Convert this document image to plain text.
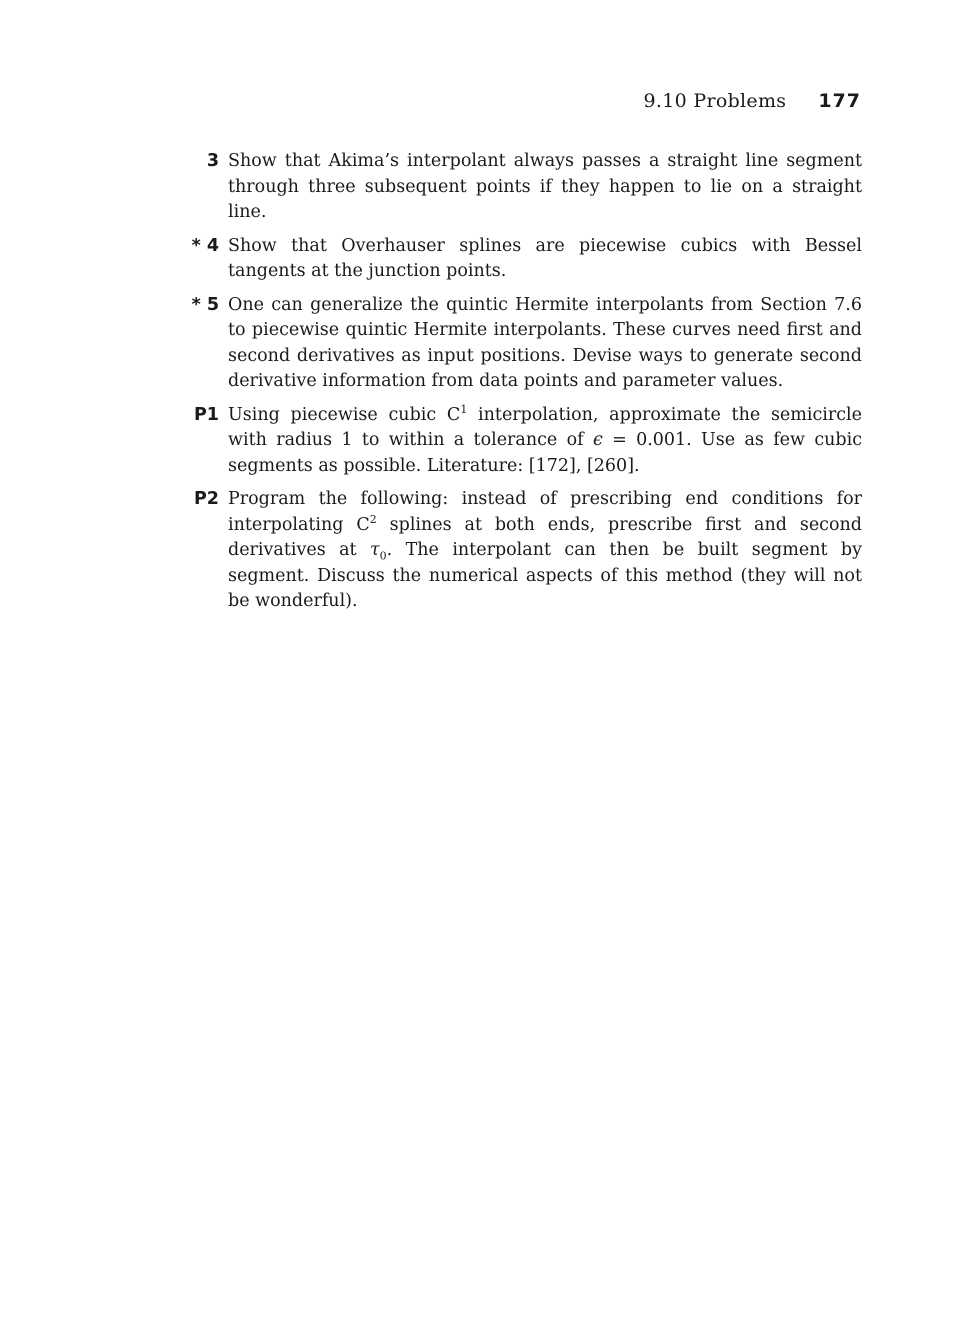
9.10 Problems 177
3 Show that Akima’s interpolant always passes a straight line segment through three subsequent points if they happen to lie on a straight line.
* 4 Show that Overhauser splines are piecewise cubics with Bessel tangents at the junction points.
* 5 One can generalize the quintic Hermite interpolants from Section 7.6 to piecewise quintic Hermite interpolants. These curves need first and second derivatives as input positions. Devise ways to generate second derivative information from data points and parameter values.
P1 Using piecewise cubic $C^1$ interpolation, approximate the semicircle with radius 1 to within a tolerance of ϵ = 0.001. Use as few cubic segments as possible. Literature: [172], [260].
P2 Program the following: instead of prescribing end conditions for interpolating $C^2$ splines at both ends, prescribe first and second derivatives at $\tau_0$. The interpolant can then be built segment by segment. Discuss the numerical aspects of this method (they will not be wonderful).
